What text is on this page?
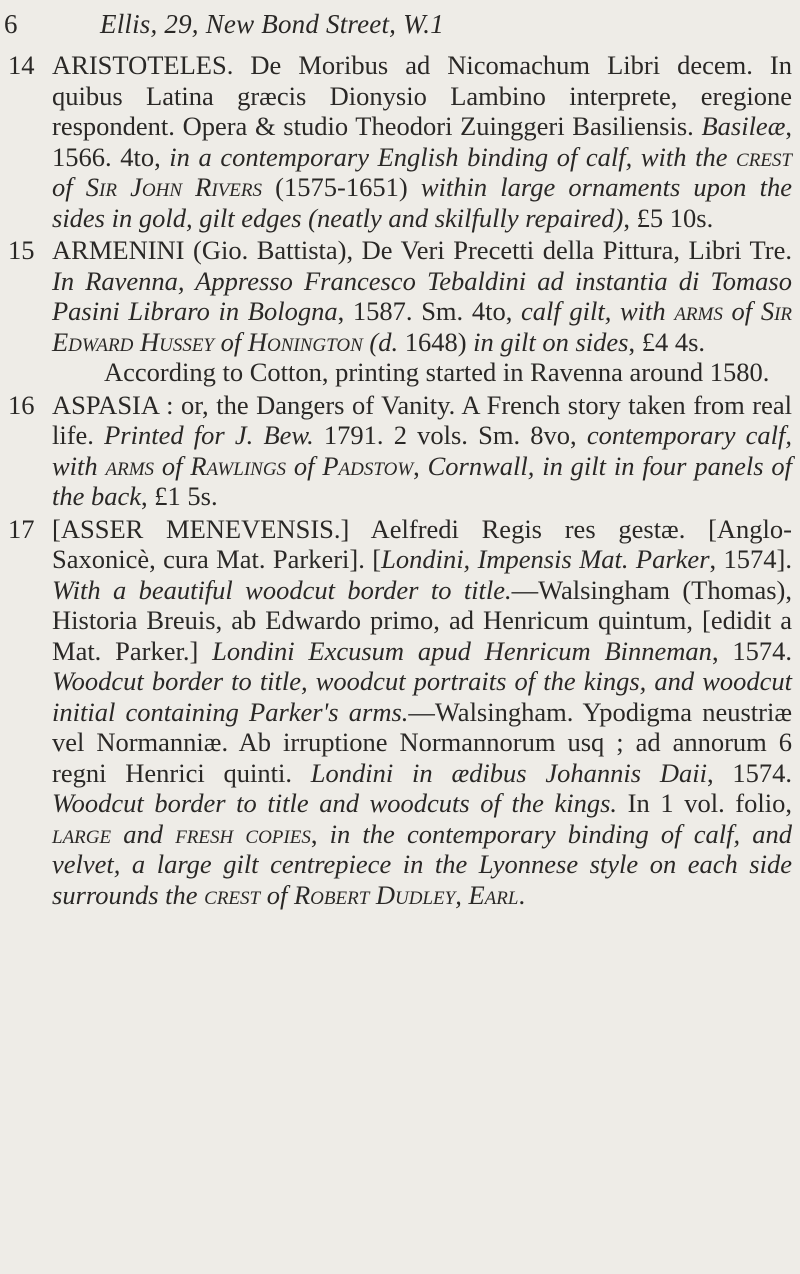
6	Ellis, 29, New Bond Street, W.1
14 ARISTOTELES. De Moribus ad Nicomachum Libri decem. In quibus Latina græcis Dionysio Lambino interprete, eregione respondent. Opera & studio Theodori Zuinggeri Basiliensis. Basileæ, 1566. 4to, in a contemporary English binding of calf, with the crest of Sir John Rivers (1575-1651) within large ornaments upon the sides in gold, gilt edges (neatly and skilfully repaired), £5 10s.

15 ARMENINI (Gio. Battista), De Veri Precetti della Pittura, Libri Tre. In Ravenna, Appresso Francesco Tebaldini ad instantia di Tomaso Pasini Libraro in Bologna, 1587. Sm. 4to, calf gilt, with arms of Sir Edward Hussey of Honington (d. 1648) in gilt on sides, £4 4s.

According to Cotton, printing started in Ravenna around 1580.

16 ASPASIA : or, the Dangers of Vanity. A French story taken from real life. Printed for J. Bew. 1791. 2 vols. Sm. 8vo, contemporary calf, with arms of Rawlings of Padstow, Cornwall, in gilt in four panels of the back, £1 5s.

17 [ASSER MENEVENSIS.] Aelfredi Regis res gestæ. [Anglo-Saxonicè, cura Mat. Parkeri]. [Londini, Impensis Mat. Parker, 1574]. With a beautiful woodcut border to title.—Walsingham (Thomas), Historia Breuis, ab Edwardo primo, ad Henricum quintum, [edidit a Mat. Parker.] Londini Excusum apud Henricum Binneman, 1574. Woodcut border to title, woodcut portraits of the kings, and woodcut initial containing Parker's arms.—Walsingham. Ypodigma neustriæ vel Normanniæ. Ab irruptione Normannorum usq ; ad annorum 6 regni Henrici quinti. Londini in ædibus Johannis Daii, 1574. Woodcut border to title and woodcuts of the kings. In 1 vol. folio, large and fresh copies, in the contemporary binding of calf, and velvet, a large gilt centrepiece in the Lyonnese style on each side surrounds the crest of Robert Dudley, Earl.
